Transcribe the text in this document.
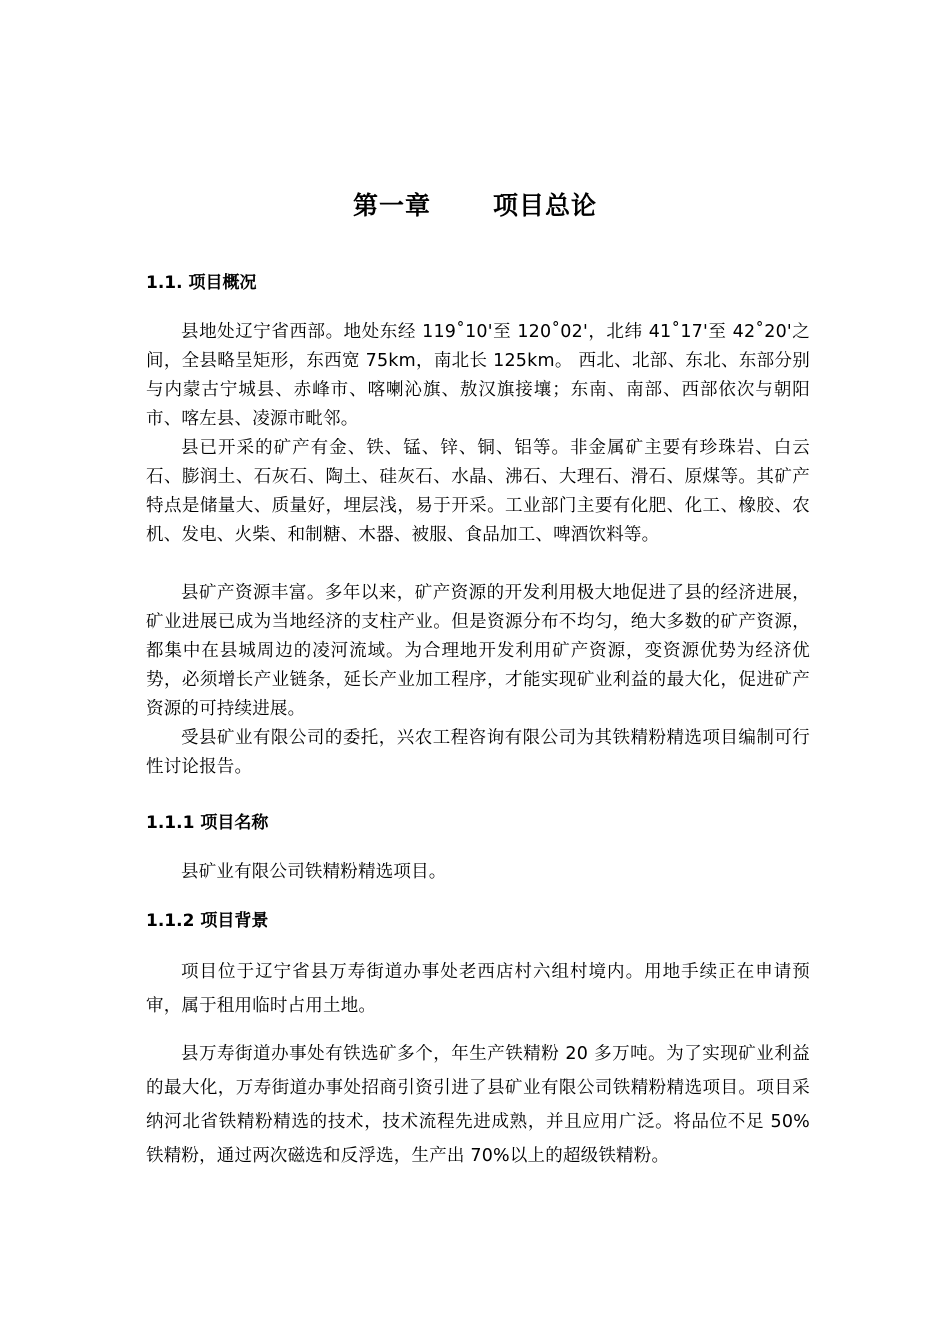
第一章 项目总论
1.1. 项目概况

县地处辽宁省西部。地处东经 119˚10'至 120˚02'，北纬 41˚17'至 42˚20'之间，全县略呈矩形，东西宽 75km，南北长 125km。 西北、北部、东北、东部分别与内蒙古宁城县、赤峰市、喀喇沁旗、敖汉旗接壤；东南、南部、西部依次与朝阳市、喀左县、凌源市毗邻。

县已开采的矿产有金、铁、锰、锌、铜、铝等。非金属矿主要有珍珠岩、白云石、膨润土、石灰石、陶土、硅灰石、水晶、沸石、大理石、滑石、原煤等。其矿产特点是储量大、质量好，埋层浅，易于开采。工业部门主要有化肥、化工、橡胶、农机、发电、火柴、和制糖、木器、被服、食品加工、啤酒饮料等。

县矿产资源丰富。多年以来，矿产资源的开发利用极大地促进了县的经济进展，矿业进展已成为当地经济的支柱产业。但是资源分布不均匀，绝大多数的矿产资源，都集中在县城周边的凌河流域。为合理地开发利用矿产资源，变资源优势为经济优势，必须增长产业链条，延长产业加工程序，才能实现矿业利益的最大化，促进矿产资源的可持续进展。

受县矿业有限公司的委托，兴农工程咨询有限公司为其铁精粉精选项目编制可行性讨论报告。

1.1.1 项目名称

县矿业有限公司铁精粉精选项目。

1.1.2 项目背景

项目位于辽宁省县万寿街道办事处老西店村六组村境内。用地手续正在申请预审，属于租用临时占用土地。

县万寿街道办事处有铁选矿多个，年生产铁精粉 20 多万吨。为了实现矿业利益的最大化，万寿街道办事处招商引资引进了县矿业有限公司铁精粉精选项目。项目采纳河北省铁精粉精选的技术，技术流程先进成熟，并且应用广泛。将品位不足 50%铁精粉，通过两次磁选和反浮选，生产出 70%以上的超级铁精粉。
